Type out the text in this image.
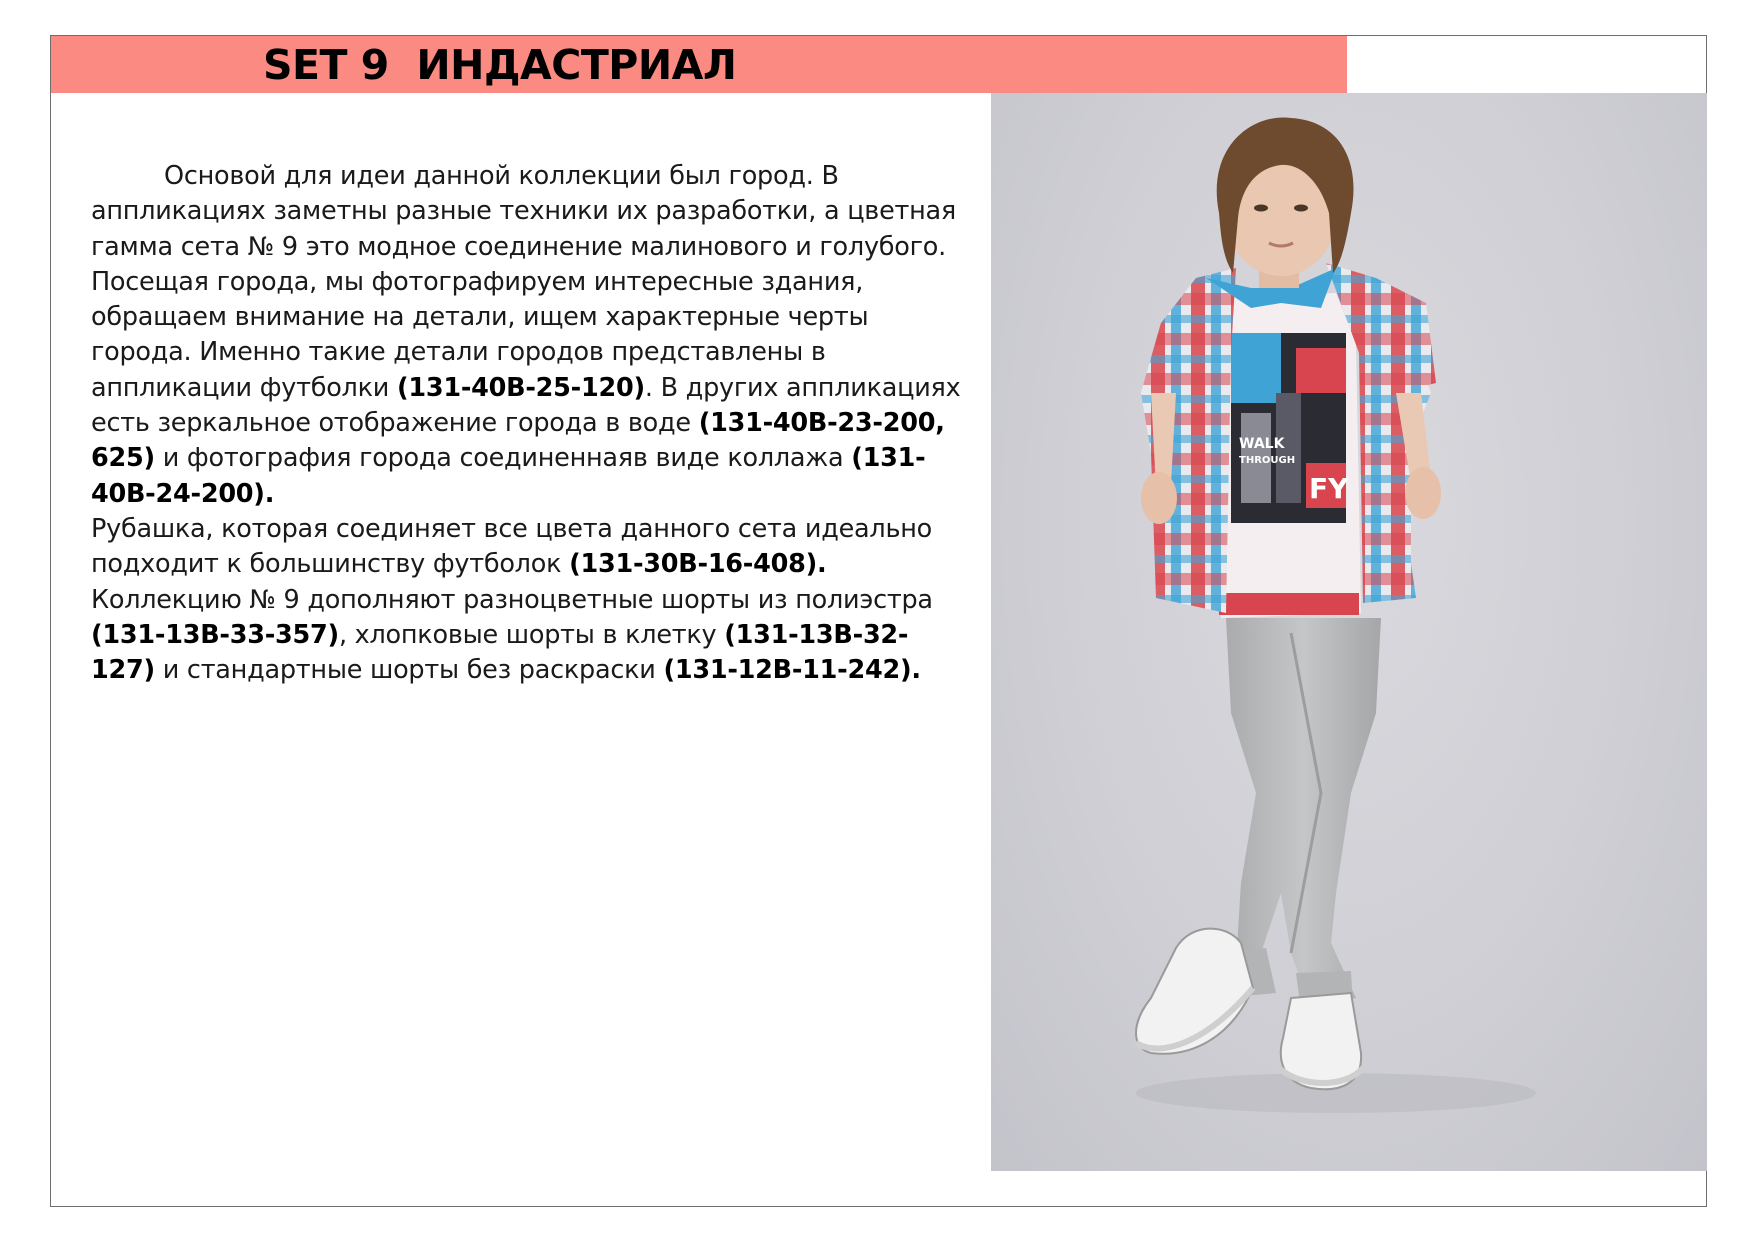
SET 9  ИНДАСТРИАЛ

Основой для идеи данной коллекции был город. В аппликациях заметны разные техники их разработки, а цветная гамма сета № 9 это модное соединение малинового и голубого.

Посещая города, мы фотографируем интересные здания, обращаем внимание на детали, ищем характерные черты города. Именно такие детали городов представлены в аппликации футболки (131-40B-25-120). В других аппликациях есть зеркальное отображение города в воде (131-40B-23-200, 625) и фотография города соединеннаяв виде коллажа (131-40B-24-200).

Рубашка, которая соединяет все цвета данного сета идеально подходит к большинству футболок (131-30B-16-408).

Коллекцию № 9 дополняют разноцветные шорты из полиэстра (131-13B-33-357), хлопковые шорты в клетку (131-13B-32-127) и стандартные шорты без раскраски (131-12B-11-242).

WALK
THROUGH
FY
